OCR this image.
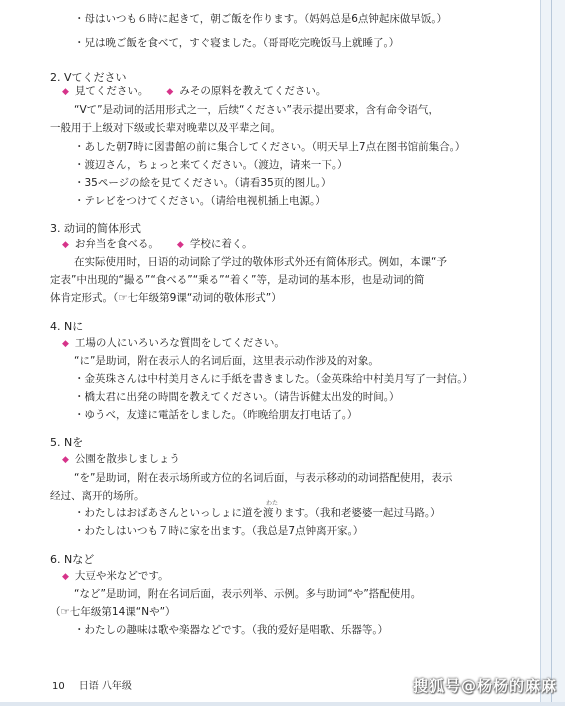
・母はいつも６時に起きて，朝ご飯を作ります。（妈妈总是6点钟起床做早饭。）
・兄は晩ご飯を食べて，すぐ寝ました。（哥哥吃完晚饭马上就睡了。）
2. Vてください
◆ 見てください。 ◆ みその原料を教えてください。
“Vて”是动词的活用形式之一，后续“ください”表示提出要求，含有命令语气，
一般用于上级对下级或长辈对晚辈以及平辈之间。
・あした朝7時に図書館の前に集合してください。（明天早上7点在图书馆前集合。）
・渡辺さん，ちょっと来てください。（渡边，请来一下。）
・35ページの絵を見てください。（请看35页的图儿。）
・テレビをつけてください。（请给电视机插上电源。）
3. 动词的简体形式
◆ お弁当を食べる。 ◆ 学校に着く。
在实际使用时，日语的动词除了学过的敬体形式外还有简体形式。例如，本课“予
定表”中出现的“撮る”“食べる”“乗る”“着く”等，是动词的基本形，也是动词的简
体肯定形式。（☞七年级第9课“动词的敬体形式”）
4. Nに
◆ 工場の人にいろいろな質問をしてください。
“に”是助词，附在表示人的名词后面，这里表示动作涉及的对象。
・金英珠さんは中村美月さんに手紙を書きました。（金英珠给中村美月写了一封信。）
・橋太君に出発の時間を教えてください。（请告诉健太出发的时间。）
・ゆうべ，友達に電話をしました。（昨晚给朋友打电话了。）
5. Nを
◆ 公園を散歩しましょう
“を”是助词，附在表示场所或方位的名词后面，与表示移动的动词搭配使用，表示
经过、离开的场所。
わた
・わたしはおばあさんといっしょに道を渡ります。（我和老婆婆一起过马路。）
・わたしはいつも７時に家を出ます。（我总是7点钟离开家。）
6. Nなど
◆ 大豆や米などです。
“など”是助词，附在名词后面，表示列举、示例。多与助词“や”搭配使用。
（☞七年级第14课“Nや”）
・わたしの趣味は歌や楽器などです。（我的爱好是唱歌、乐器等。）
10 日语 八年级	搜狐号@杨杨的麻麻
